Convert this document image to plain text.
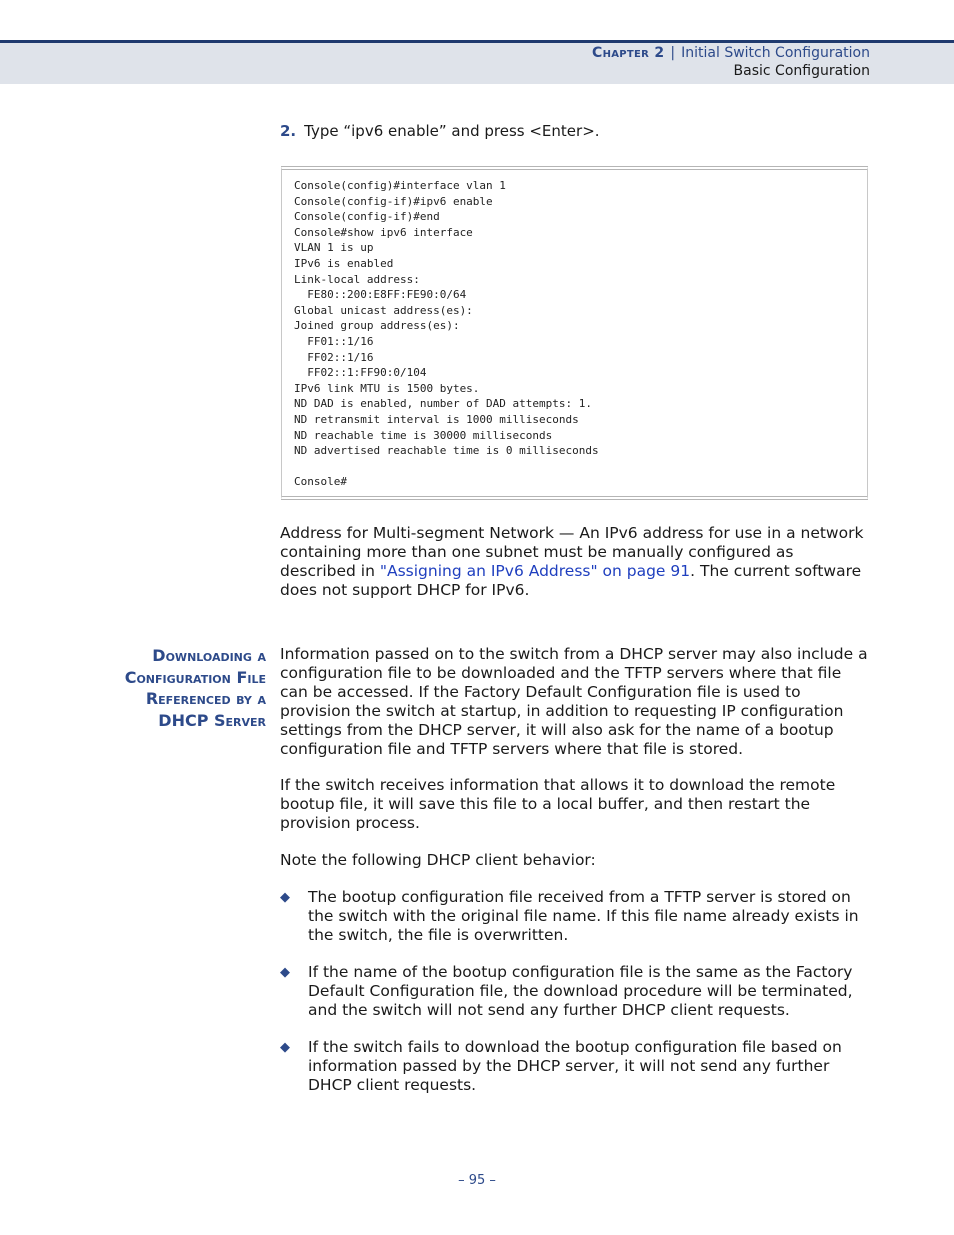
Chapter 2 | Initial Switch Configuration
Basic Configuration
2. Type “ipv6 enable” and press <Enter>.
Console(config)#interface vlan 1
Console(config-if)#ipv6 enable
Console(config-if)#end
Console#show ipv6 interface
VLAN 1 is up
IPv6 is enabled
Link-local address:
FE80::200:E8FF:FE90:0/64
Global unicast address(es):
Joined group address(es):
FF01::1/16
FF02::1/16
FF02::1:FF90:0/104
IPv6 link MTU is 1500 bytes.
ND DAD is enabled, number of DAD attempts: 1.
ND retransmit interval is 1000 milliseconds
ND reachable time is 30000 milliseconds
ND advertised reachable time is 0 milliseconds

Console#
Address for Multi-segment Network — An IPv6 address for use in a network containing more than one subnet must be manually configured as described in "Assigning an IPv6 Address" on page 91. The current software does not support DHCP for IPv6.
Downloading a
Configuration File
Referenced by a
DHCP Server
Information passed on to the switch from a DHCP server may also include a configuration file to be downloaded and the TFTP servers where that file can be accessed. If the Factory Default Configuration file is used to provision the switch at startup, in addition to requesting IP configuration settings from the DHCP server, it will also ask for the name of a bootup configuration file and TFTP servers where that file is stored.
If the switch receives information that allows it to download the remote bootup file, it will save this file to a local buffer, and then restart the provision process.
Note the following DHCP client behavior:
◆ The bootup configuration file received from a TFTP server is stored on the switch with the original file name. If this file name already exists in the switch, the file is overwritten.
◆ If the name of the bootup configuration file is the same as the Factory Default Configuration file, the download procedure will be terminated, and the switch will not send any further DHCP client requests.
◆ If the switch fails to download the bootup configuration file based on information passed by the DHCP server, it will not send any further DHCP client requests.
– 95 –
